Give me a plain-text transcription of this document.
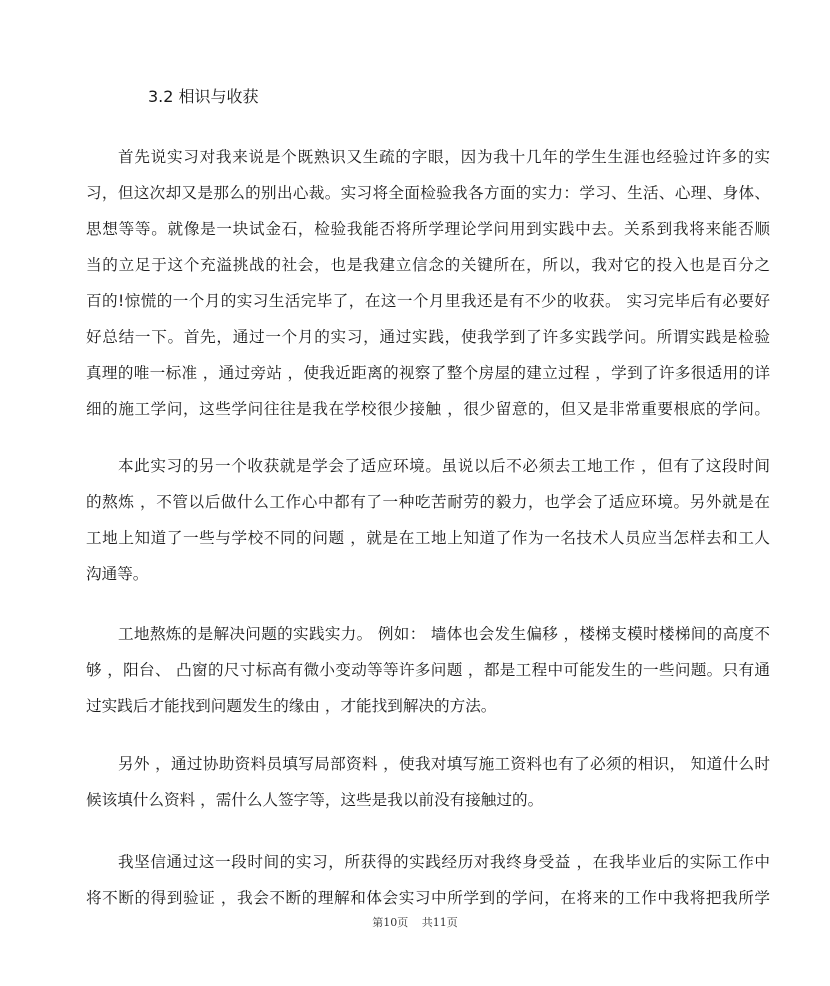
3.2 相识与收获
首先说实习对我来说是个既熟识又生疏的字眼，因为我十几年的学生生涯也经验过许多的实
习，但这次却又是那么的别出心裁。实习将全面检验我各方面的实力：学习、生活、心理、身体、
思想等等。就像是一块试金石，检验我能否将所学理论学问用到实践中去。关系到我将来能否顺
当的立足于这个充溢挑战的社会，也是我建立信念的关键所在，所以，我对它的投入也是百分之
百的!惊慌的一个月的实习生活完毕了，在这一个月里我还是有不少的收获。 实习完毕后有必要好
好总结一下。首先，通过一个月的实习，通过实践，使我学到了许多实践学问。所谓实践是检验
真理的唯一标准 ，通过旁站 ，使我近距离的视察了整个房屋的建立过程 ，学到了许多很适用的详
细的施工学问，这些学问往往是我在学校很少接触 ，很少留意的，但又是非常重要根底的学问。
本此实习的另一个收获就是学会了适应环境。虽说以后不必须去工地工作 ，但有了这段时间
的熬炼 ，不管以后做什么工作心中都有了一种吃苦耐劳的毅力，也学会了适应环境。另外就是在
工地上知道了一些与学校不同的问题 ，就是在工地上知道了作为一名技术人员应当怎样去和工人
沟通等。
工地熬炼的是解决问题的实践实力。 例如： 墙体也会发生偏移 ，楼梯支模时楼梯间的高度不
够 ，阳台、 凸窗的尺寸标高有微小变动等等许多问题 ，都是工程中可能发生的一些问题。只有通
过实践后才能找到问题发生的缘由 ，才能找到解决的方法。
另外 ，通过协助资料员填写局部资料 ，使我对填写施工资料也有了必须的相识， 知道什么时
候该填什么资料 ，需什么人签字等，这些是我以前没有接触过的。
我坚信通过这一段时间的实习，所获得的实践经历对我终身受益 ，在我毕业后的实际工作中
将不断的得到验证 ，我会不断的理解和体会实习中所学到的学问，在将来的工作中我将把我所学
第10页 共11页
